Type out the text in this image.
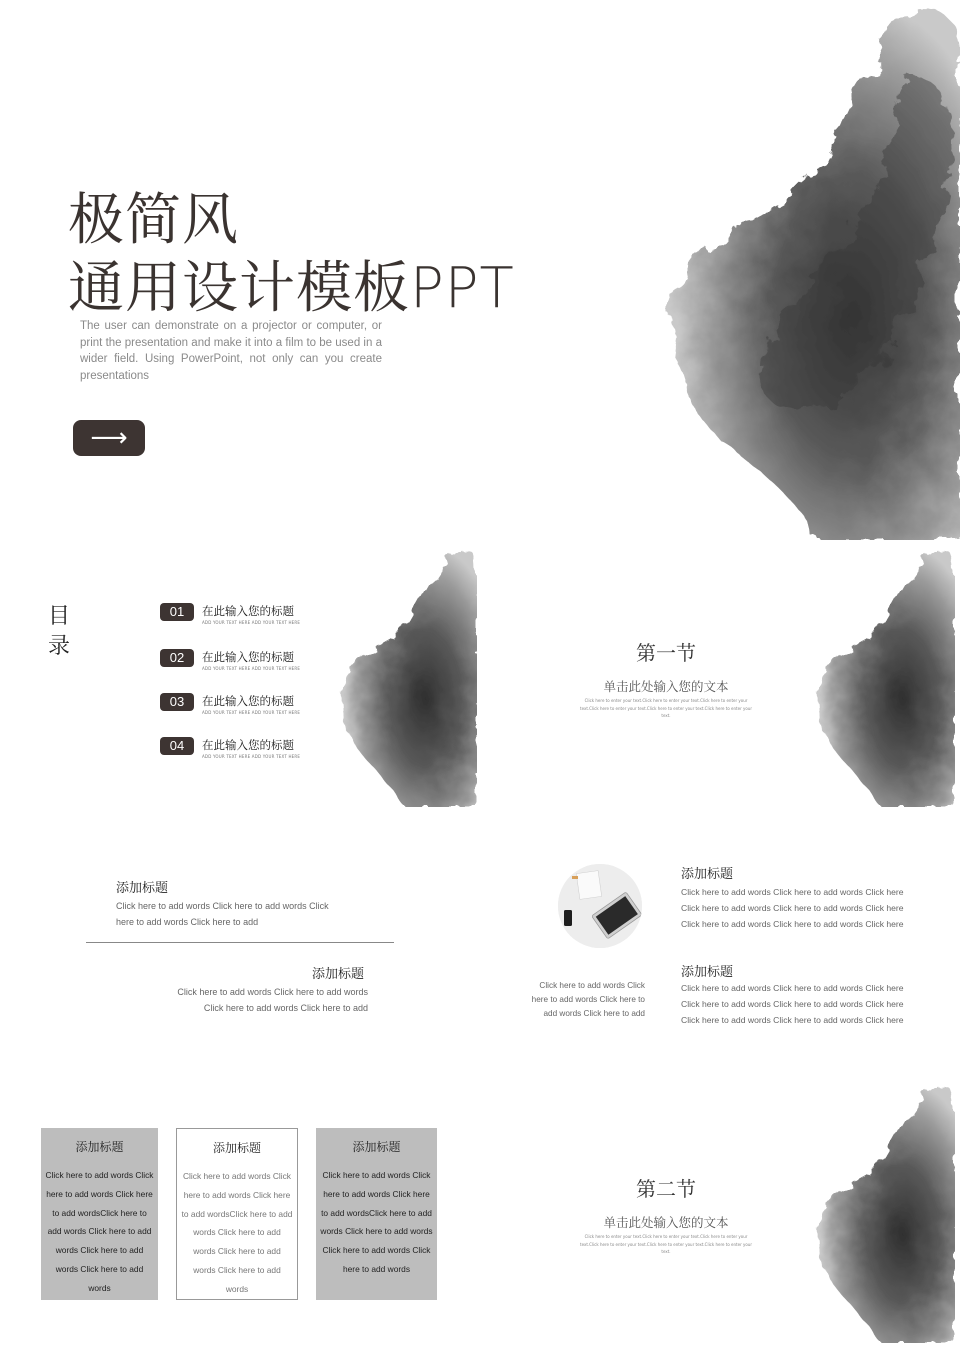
极简风
通用设计模板PPT
The user can demonstrate on a projector or computer, or print the presentation and make it into a film to be used in a wider field. Using PowerPoint, not only can you create presentations
⟶
目
录
01	在此输入您的标题
ADD YOUR TEXT HERE ADD YOUR TEXT HERE
02	在此输入您的标题
ADD YOUR TEXT HERE ADD YOUR TEXT HERE
03	在此输入您的标题
ADD YOUR TEXT HERE ADD YOUR TEXT HERE
04	在此输入您的标题
ADD YOUR TEXT HERE ADD YOUR TEXT HERE
第一节
单击此处输入您的文本
Click here to enter your text.Click here to enter your text.Click here to enter your text.Click here to enter your text.Click here to enter your text.Click here to enter your text.
添加标题
Click here to add words Click here to add words Click here to add words Click here to add
添加标题
Click here to add words Click here to add words Click here to add words Click here to add
Click here to add words Click here to add words Click here to add words Click here to add
添加标题
Click here to add words Click here to add words Click here Click here to add words Click here to add words Click here Click here to add words Click here to add words Click here
添加标题
Click here to add words Click here to add words Click here Click here to add words Click here to add words Click here Click here to add words Click here to add words Click here
添加标题
Click here to add words Click here to add words Click here to add wordsClick here to add words Click here to add words Click here to add words Click here to add words
添加标题
Click here to add words Click here to add words Click here to add wordsClick here to add words Click here to add words Click here to add words Click here to add words
添加标题
Click here to add words Click here to add words Click here to add wordsClick here to add words Click here to add words Click here to add words Click here to add words
第二节
单击此处输入您的文本
Click here to enter your text.Click here to enter your text.Click here to enter your text.Click here to enter your text.Click here to enter your text.Click here to enter your text.
